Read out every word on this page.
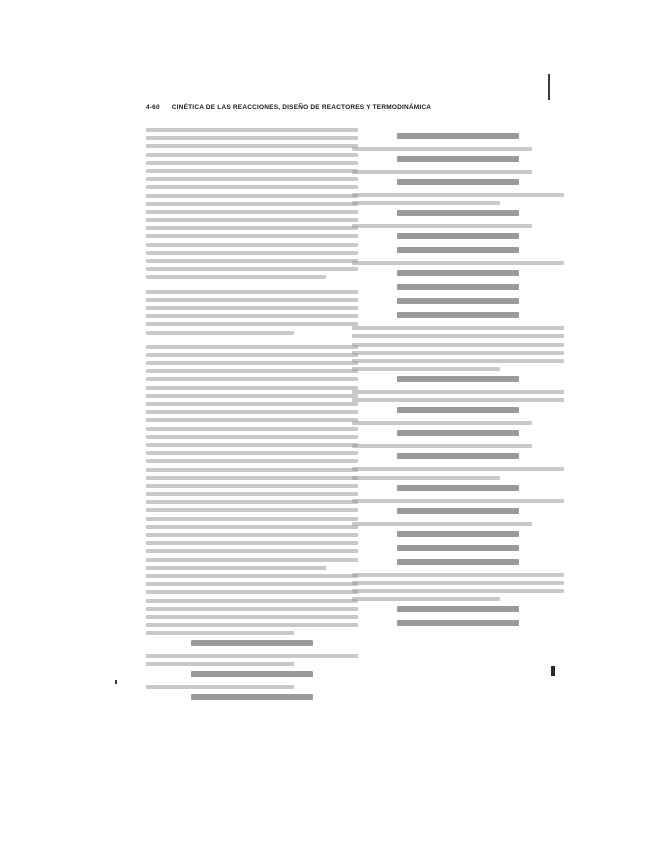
4-60 CINÉTICA DE LAS REACCIONES, DISEÑO DE REACTORES Y TERMODINÁMICA
